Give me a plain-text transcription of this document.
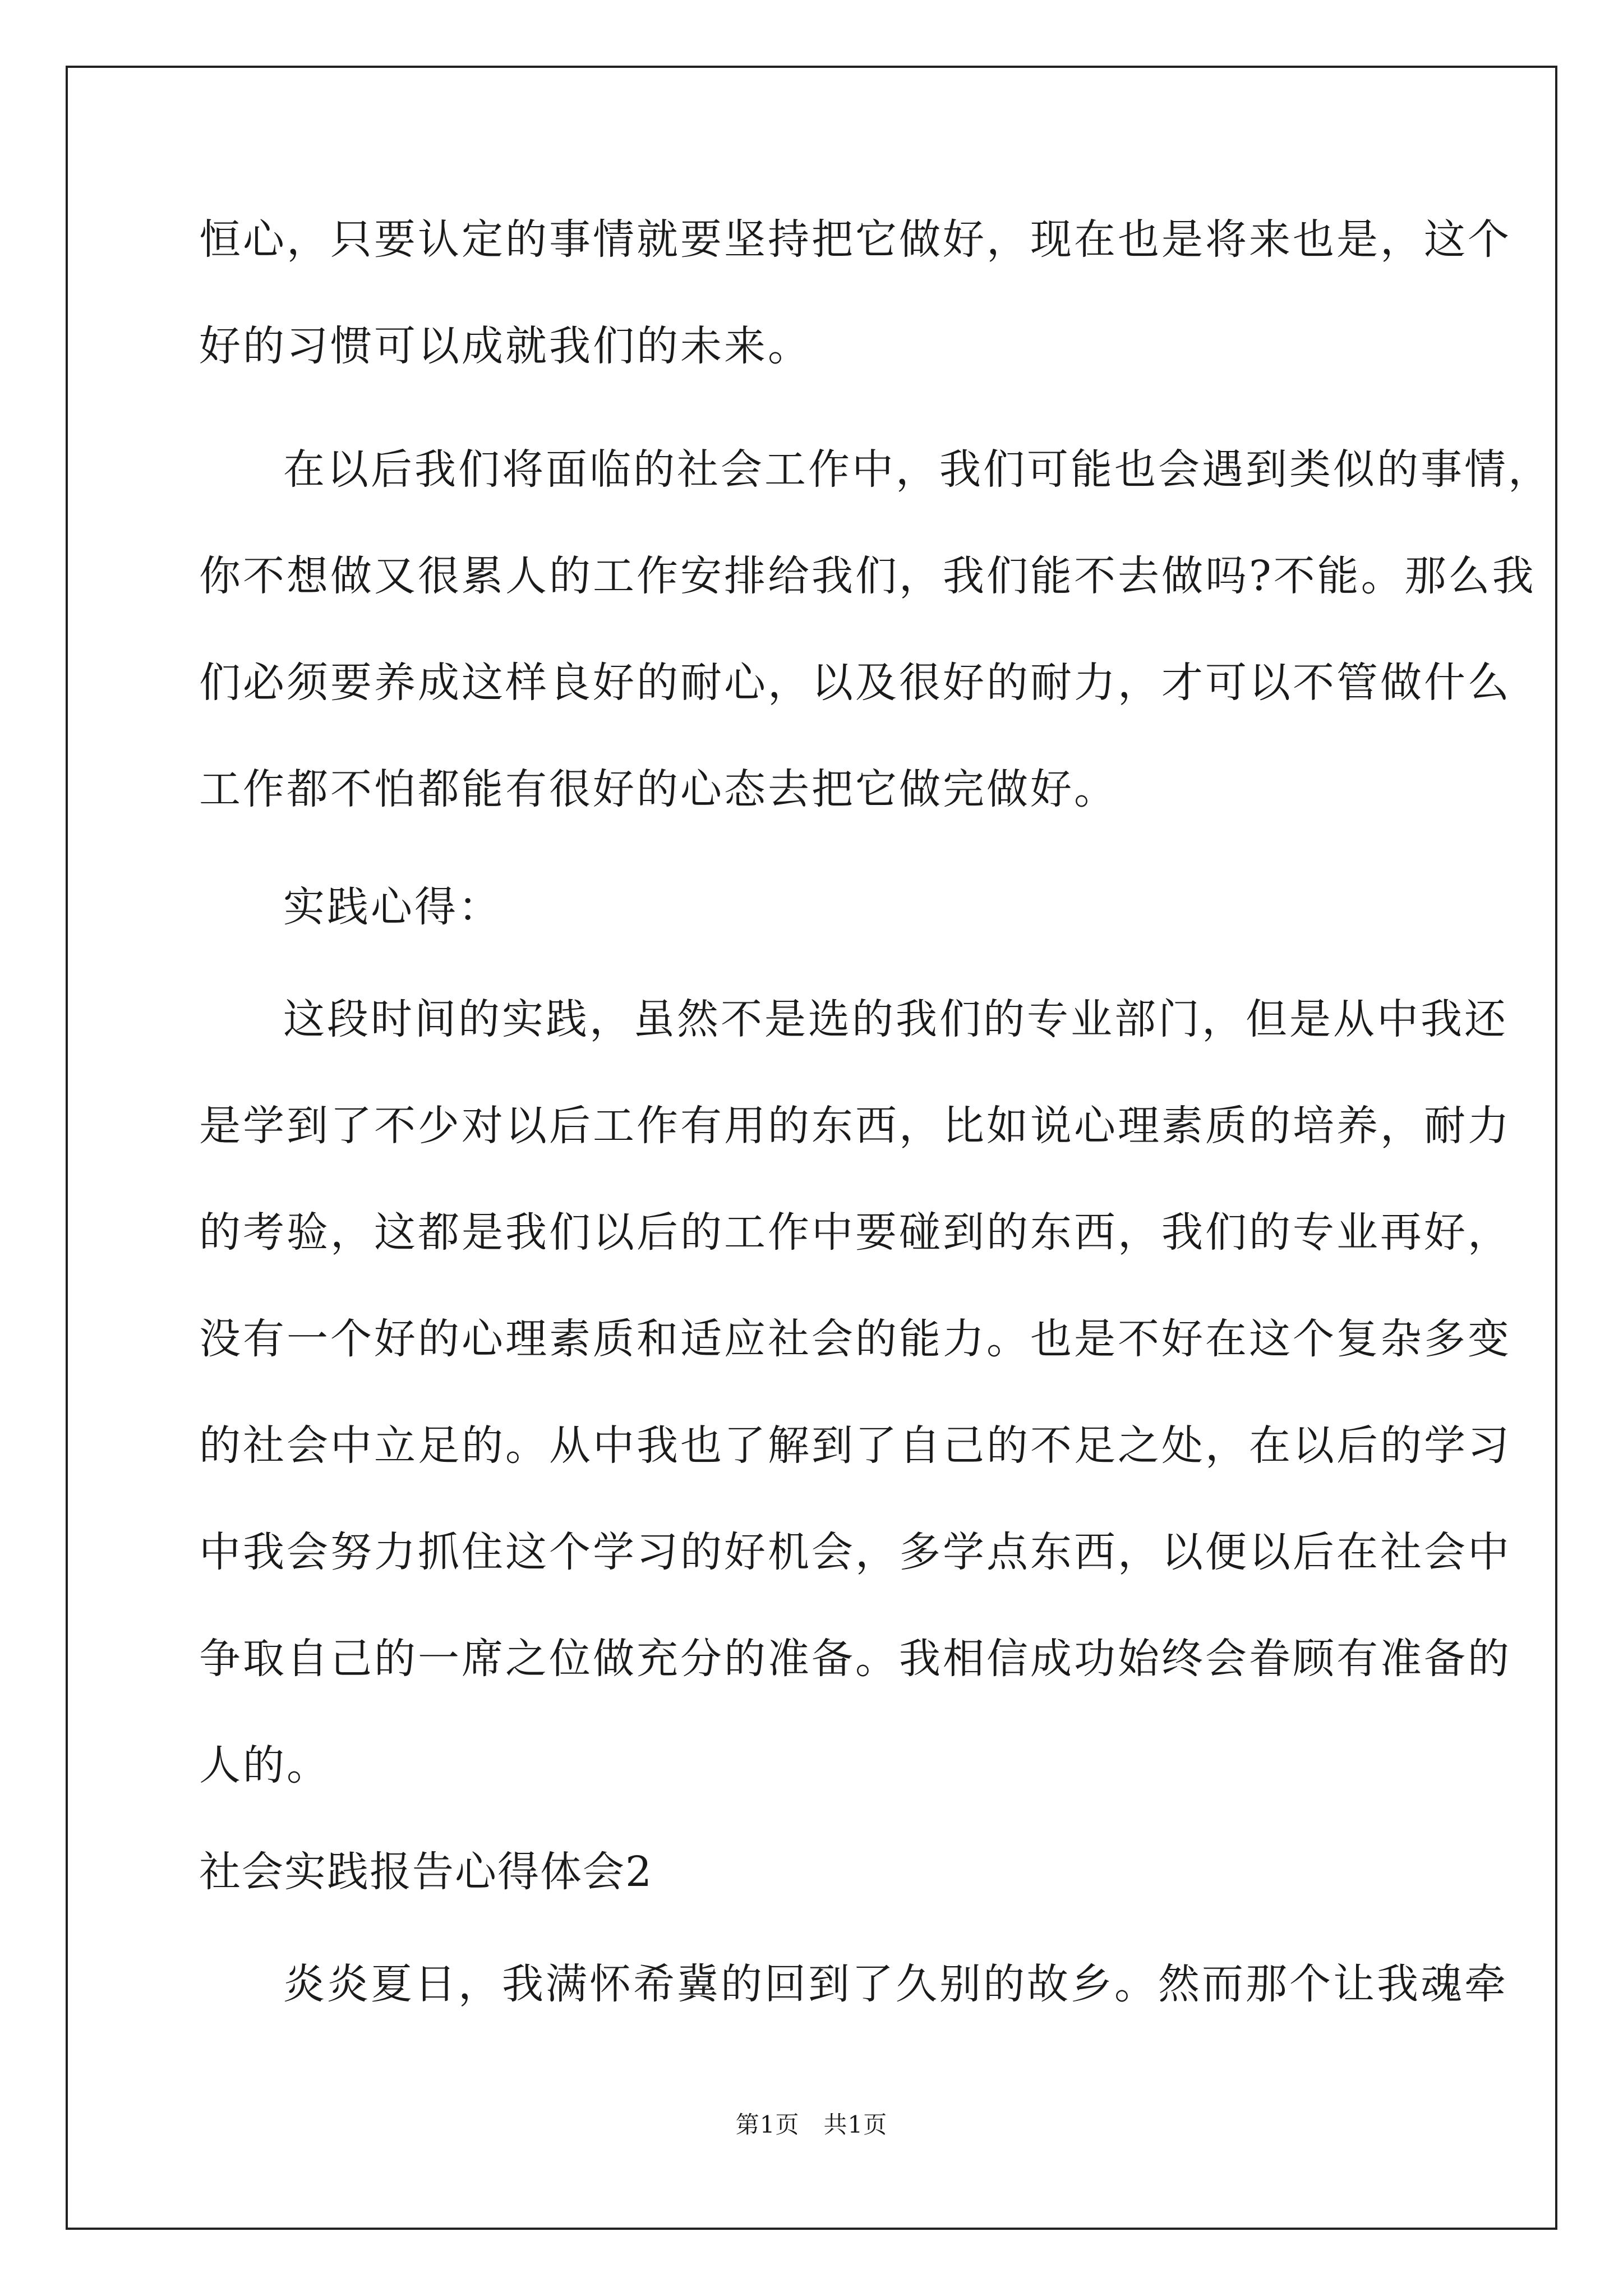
恒心，只要认定的事情就要坚持把它做好，现在也是将来也是，这个
好的习惯可以成就我们的未来。
在以后我们将面临的社会工作中，我们可能也会遇到类似的事情，
你不想做又很累人的工作安排给我们，我们能不去做吗?不能。那么我
们必须要养成这样良好的耐心，以及很好的耐力，才可以不管做什么
工作都不怕都能有很好的心态去把它做完做好。
实践心得：
这段时间的实践，虽然不是选的我们的专业部门，但是从中我还
是学到了不少对以后工作有用的东西，比如说心理素质的培养，耐力
的考验，这都是我们以后的工作中要碰到的东西，我们的专业再好，
没有一个好的心理素质和适应社会的能力。也是不好在这个复杂多变
的社会中立足的。从中我也了解到了自己的不足之处，在以后的学习
中我会努力抓住这个学习的好机会，多学点东西，以便以后在社会中
争取自己的一席之位做充分的准备。我相信成功始终会眷顾有准备的
人的。
社会实践报告心得体会2
炎炎夏日，我满怀希冀的回到了久别的故乡。然而那个让我魂牵
第1页   共1页
